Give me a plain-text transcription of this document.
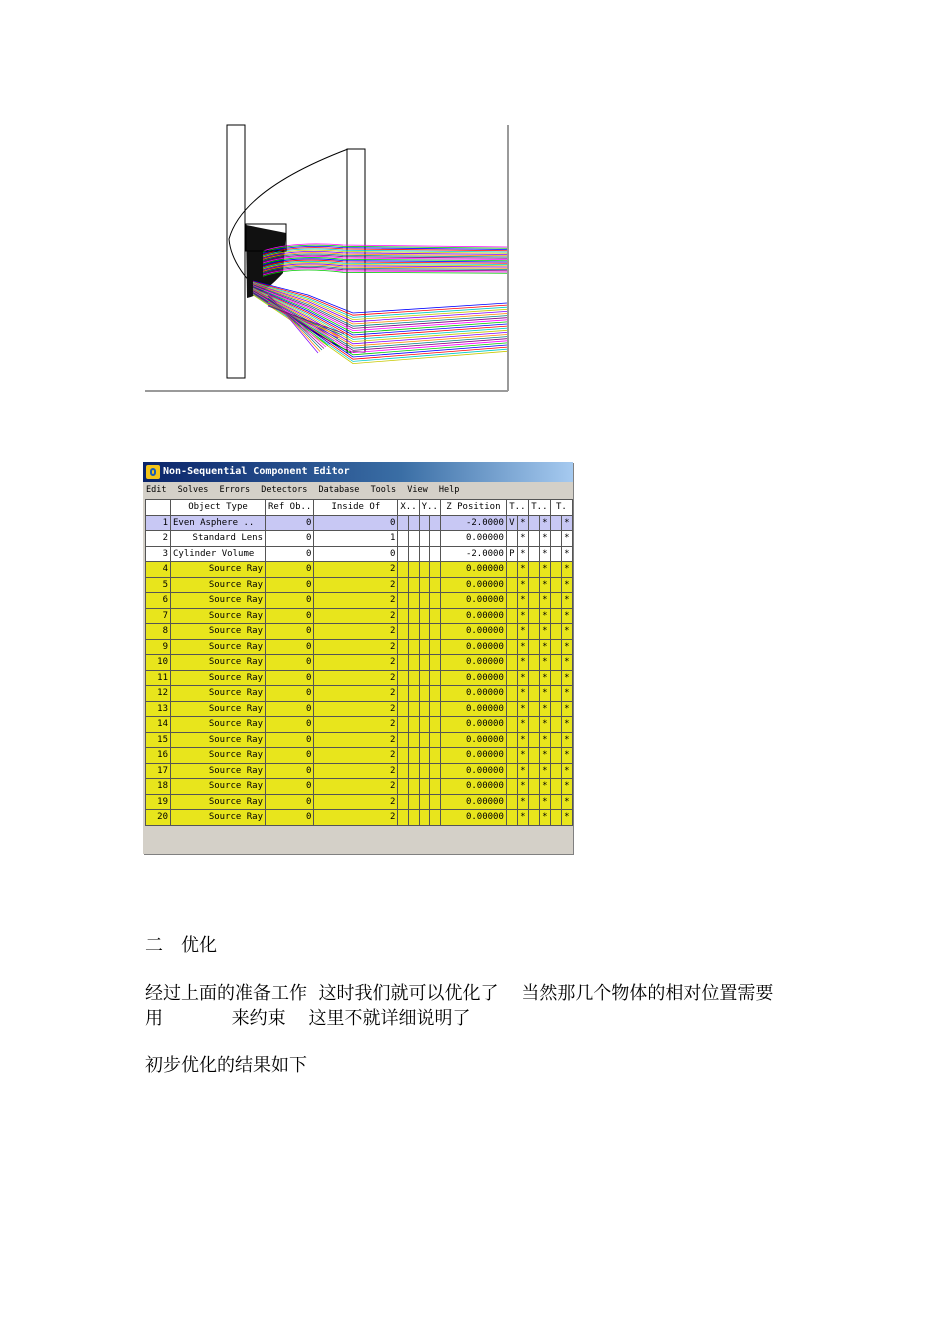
Non-Sequential Component Editor
Edit Solves Errors Detectors Database Tools View Help
	Object Type	Ref Ob..	Inside Of	X..		Y..		Z Position	T..		T..		T.	
1	Even Asphere ..	0	0					-2.0000	V	*		*		*
2	Standard Lens	0	1					0.00000		*		*		*
3	Cylinder Volume	0	0					-2.0000	P	*		*		*
4	Source Ray	0	2					0.00000		*		*		*
5	Source Ray	0	2					0.00000		*		*		*
6	Source Ray	0	2					0.00000		*		*		*
7	Source Ray	0	2					0.00000		*		*		*
8	Source Ray	0	2					0.00000		*		*		*
9	Source Ray	0	2					0.00000		*		*		*
10	Source Ray	0	2					0.00000		*		*		*
11	Source Ray	0	2					0.00000		*		*		*
12	Source Ray	0	2					0.00000		*		*		*
13	Source Ray	0	2					0.00000		*		*		*
14	Source Ray	0	2					0.00000		*		*		*
15	Source Ray	0	2					0.00000		*		*		*
16	Source Ray	0	2					0.00000		*		*		*
17	Source Ray	0	2					0.00000		*		*		*
18	Source Ray	0	2					0.00000		*		*		*
19	Source Ray	0	2					0.00000		*		*		*
20	Source Ray	0	2					0.00000		*		*		*
二　优化
经过上面的准备工作  这时我们就可以优化了    当然那几个物体的相对位置需要
用            来约束    这里不就详细说明了
初步优化的结果如下
